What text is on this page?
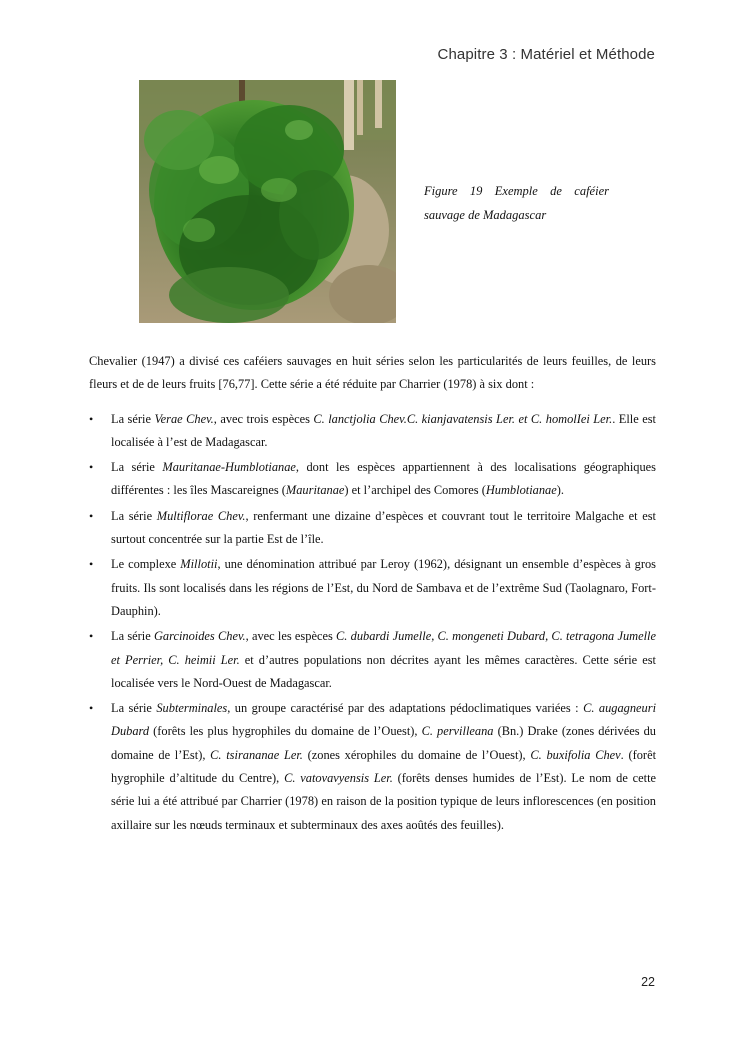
Chapitre 3 : Matériel et Méthode
Figure 19 Exemple de caféier sauvage de Madagascar

Chevalier (1947) a divisé ces caféiers sauvages en huit séries selon les particularités de leurs feuilles, de leurs fleurs et de de leurs fruits [76,77]. Cette série a été réduite par Charrier (1978) à six dont :

• La série Verae Chev., avec trois espèces C. lanctjolia Chev.C. kianjavatensis Ler. et C. homolIei Ler.. Elle est localisée à l’est de Madagascar.
• La série Mauritanae-Humblotianae, dont les espèces appartiennent à des localisations géographiques différentes : les îles Mascareignes (Mauritanae) et l’archipel des Comores (Humblotianae).
• La série Multiflorae Chev., renfermant une dizaine d’espèces et couvrant tout le territoire Malgache et est surtout concentrée sur la partie Est de l’île.
• Le complexe Millotii, une dénomination attribué par Leroy (1962), désignant un ensemble d’espèces à gros fruits. Ils sont localisés dans les régions de l’Est, du Nord de Sambava et de l’extrême Sud (Taolagnaro, Fort-Dauphin).
• La série Garcinoides Chev., avec les espèces C. dubardi Jumelle, C. mongeneti Dubard, C. tetragona Jumelle et Perrier, C. heimii Ler. et d’autres populations non décrites ayant les mêmes caractères. Cette série est localisée vers le Nord-Ouest de Madagascar.
• La série Subterminales, un groupe caractérisé par des adaptations pédoclimatiques variées : C. augagneuri Dubard (forêts les plus hygrophiles du domaine de l’Ouest), C. pervilleana (Bn.) Drake (zones dérivées du domaine de l’Est), C. tsirananae Ler. (zones xérophiles du domaine de l’Ouest), C. buxifolia Chev. (forêt hygrophile d’altitude du Centre), C. vatovavyensis Ler. (forêts denses humides de l’Est). Le nom de cette série lui a été attribué par Charrier (1978) en raison de la position typique de leurs inflorescences (en position axillaire sur les nœuds terminaux et subterminaux des axes aoûtés des feuilles).
22
